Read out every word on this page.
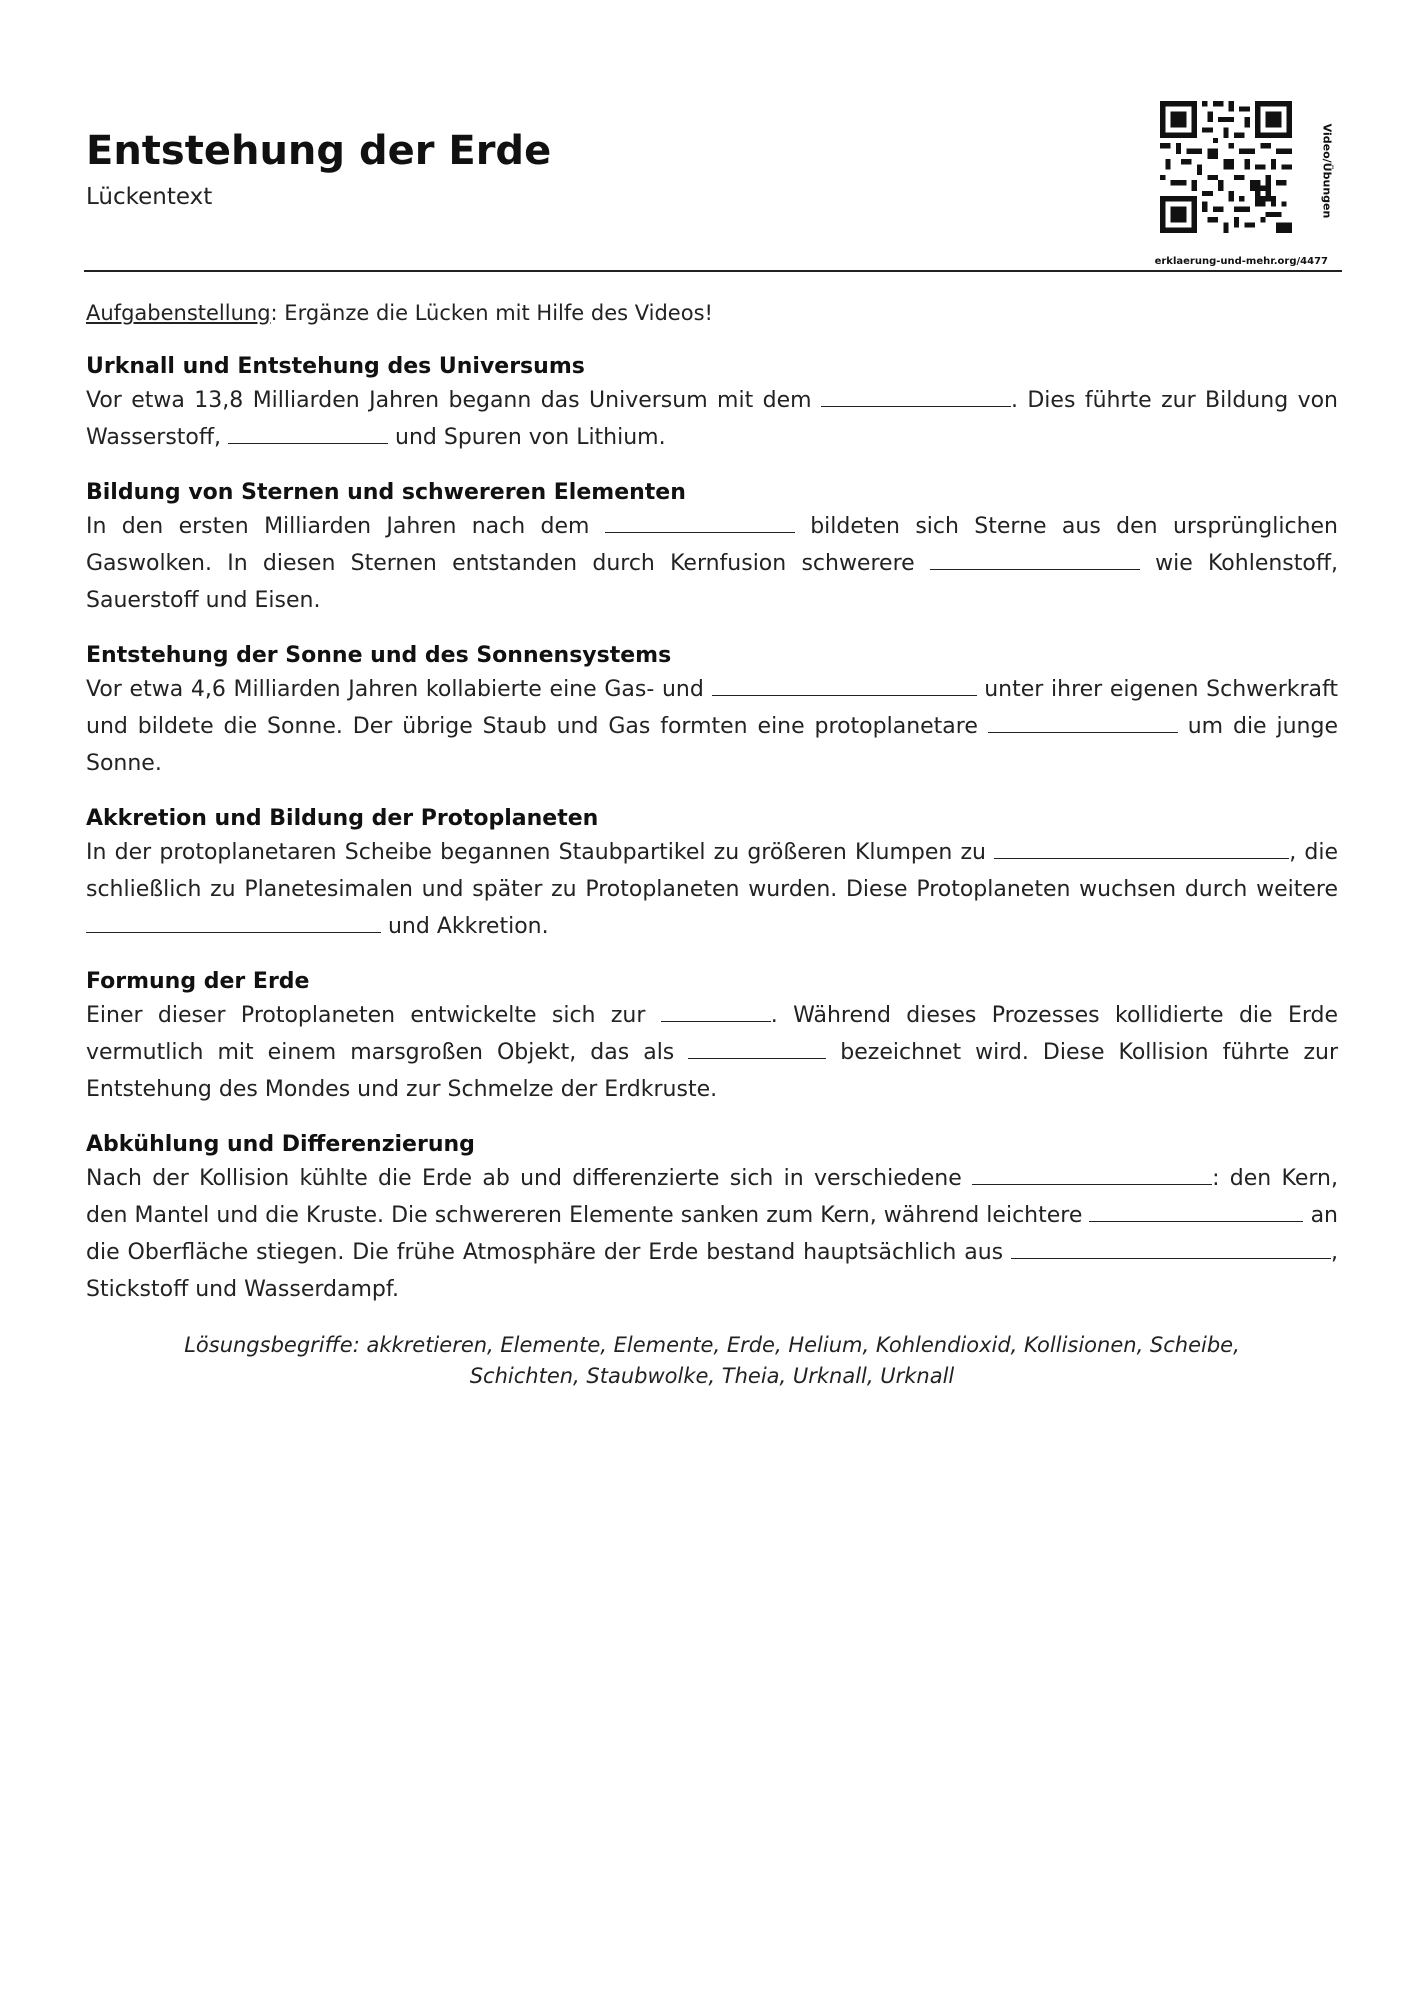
Entstehung der Erde
Lückentext	Video/Übungen
erklaerung-und-mehr.org/4477
Aufgabenstellung: Ergänze die Lücken mit Hilfe des Videos!
Urknall und Entstehung des Universums

Vor etwa 13,8 Milliarden Jahren begann das Universum mit dem	. Dies führte zur Bildung von Wasserstoff,	und Spuren von Lithium.

Bildung von Sternen und schwereren Elementen

In den ersten Milliarden Jahren nach dem	bildeten sich Sterne aus den ursprünglichen Gaswolken. In diesen Sternen entstanden durch Kernfusion schwerere	wie Kohlenstoff, Sauerstoff und Eisen.

Entstehung der Sonne und des Sonnensystems

Vor etwa 4,6 Milliarden Jahren kollabierte eine Gas- und	unter ihrer eigenen Schwerkraft und bildete die Sonne. Der übrige Staub und Gas formten eine protoplanetare	um die junge Sonne.

Akkretion und Bildung der Protoplaneten

In der protoplanetaren Scheibe begannen Staubpartikel zu größeren Klumpen zu	, die schließlich zu Planetesimalen und später zu Protoplaneten wurden. Diese Protoplaneten wuchsen durch weitere  und Akkretion.

Formung der Erde

Einer dieser Protoplaneten entwickelte sich zur	. Während dieses Prozesses kollidierte die Erde vermutlich mit einem marsgroßen Objekt, das als	bezeichnet wird. Diese Kollision führte zur Entstehung des Mondes und zur Schmelze der Erdkruste.

Abkühlung und Differenzierung

Nach der Kollision kühlte die Erde ab und differenzierte sich in verschiedene	: den Kern, den Mantel und die Kruste. Die schwereren Elemente sanken zum Kern, während leichtere	an die Oberfläche stiegen. Die frühe Atmosphäre der Erde bestand hauptsächlich aus	, Stickstoff und Wasserdampf.

Lösungsbegriffe: akkretieren, Elemente, Elemente, Erde, Helium, Kohlendioxid, Kollisionen, Scheibe,
Schichten, Staubwolke, Theia, Urknall, Urknall
